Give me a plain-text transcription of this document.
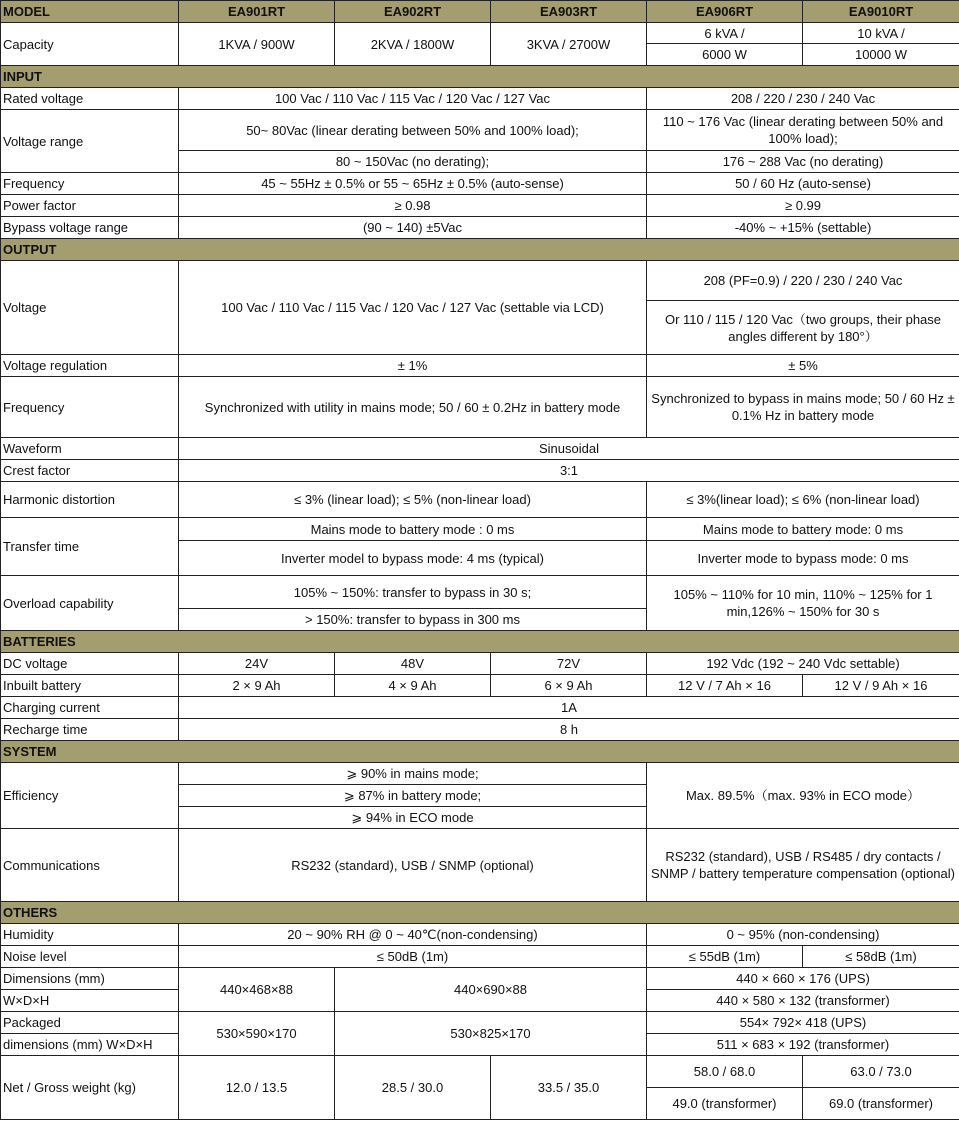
MODEL	EA901RT	EA902RT	EA903RT	EA906RT	EA9010RT
Capacity	1KVA / 900W	2KVA / 1800W	3KVA / 2700W	6 kVA /	10 kVA /
				6000 W	10000 W
INPUT					
Rated voltage	100 Vac / 110 Vac / 115 Vac / 120 Vac / 127 Vac			208 / 220 / 230 / 240 Vac	
Voltage range	50~ 80Vac (linear derating between 50% and 100% load);			110 ~ 176 Vac (linear derating between 50% and 100% load);	
	80 ~ 150Vac (no derating);			176 ~ 288 Vac (no derating)	
Frequency	45 ~ 55Hz ± 0.5% or 55 ~ 65Hz ± 0.5% (auto-sense)			50 / 60 Hz (auto-sense)	
Power factor	≥ 0.98			≥ 0.99	
Bypass voltage range	(90 ~ 140) ±5Vac			-40% ~ +15% (settable)	
OUTPUT					
Voltage	100 Vac / 110 Vac / 115 Vac / 120 Vac / 127 Vac (settable via LCD)			208 (PF=0.9) / 220 / 230 / 240 Vac	
				Or 110 / 115 / 120 Vac（two groups, their phase angles different by 180°）	
Voltage regulation	± 1%			± 5%	
Frequency	Synchronized with utility in mains mode; 50 / 60 ± 0.2Hz in battery mode			Synchronized to bypass in mains mode; 50 / 60 Hz ± 0.1% Hz in battery mode	
Waveform	Sinusoidal				
Crest factor	3:1				
Harmonic distortion	≤ 3% (linear load); ≤ 5% (non-linear load)			≤ 3%(linear load); ≤ 6% (non-linear load)	
Transfer time	Mains mode to battery mode : 0 ms			Mains mode to battery mode: 0 ms	
	Inverter model to bypass mode: 4 ms (typical)			Inverter mode to bypass mode: 0 ms	
Overload capability	105% ~ 150%: transfer to bypass in 30 s;			105% ~ 110% for 10 min, 110% ~ 125% for 1 min,126% ~ 150% for 30 s	
	> 150%: transfer to bypass in 300 ms				
BATTERIES					
DC voltage	24V	48V	72V	192 Vdc (192 ~ 240 Vdc settable)	
Inbuilt battery	2 × 9 Ah	4 × 9 Ah	6 × 9 Ah	12 V / 7 Ah × 16	12 V / 9 Ah × 16
Charging current	1A				
Recharge time	8 h				
SYSTEM					
Efficiency	⩾ 90% in mains mode;			Max. 89.5%（max. 93% in ECO mode）	
	⩾ 87% in battery mode;				
	⩾ 94% in ECO mode				
Communications	RS232 (standard), USB / SNMP (optional)			RS232 (standard), USB / RS485 / dry contacts / SNMP / battery temperature compensation (optional)	
OTHERS					
Humidity	20 ~ 90% RH @ 0 ~ 40℃(non-condensing)			0 ~ 95% (non-condensing)	
Noise level	≤ 50dB (1m)			≤ 55dB (1m)	≤ 58dB (1m)
Dimensions (mm)	440×468×88	440×690×88		440 × 660 × 176 (UPS)	
W×D×H				440 × 580 × 132 (transformer)	
Packaged	530×590×170	530×825×170		554× 792× 418 (UPS)	
dimensions (mm) W×D×H				511 × 683 × 192 (transformer)	
Net / Gross weight (kg)	12.0 / 13.5	28.5 / 30.0	33.5 / 35.0	58.0 / 68.0	63.0 / 73.0
				49.0 (transformer)	69.0 (transformer)
